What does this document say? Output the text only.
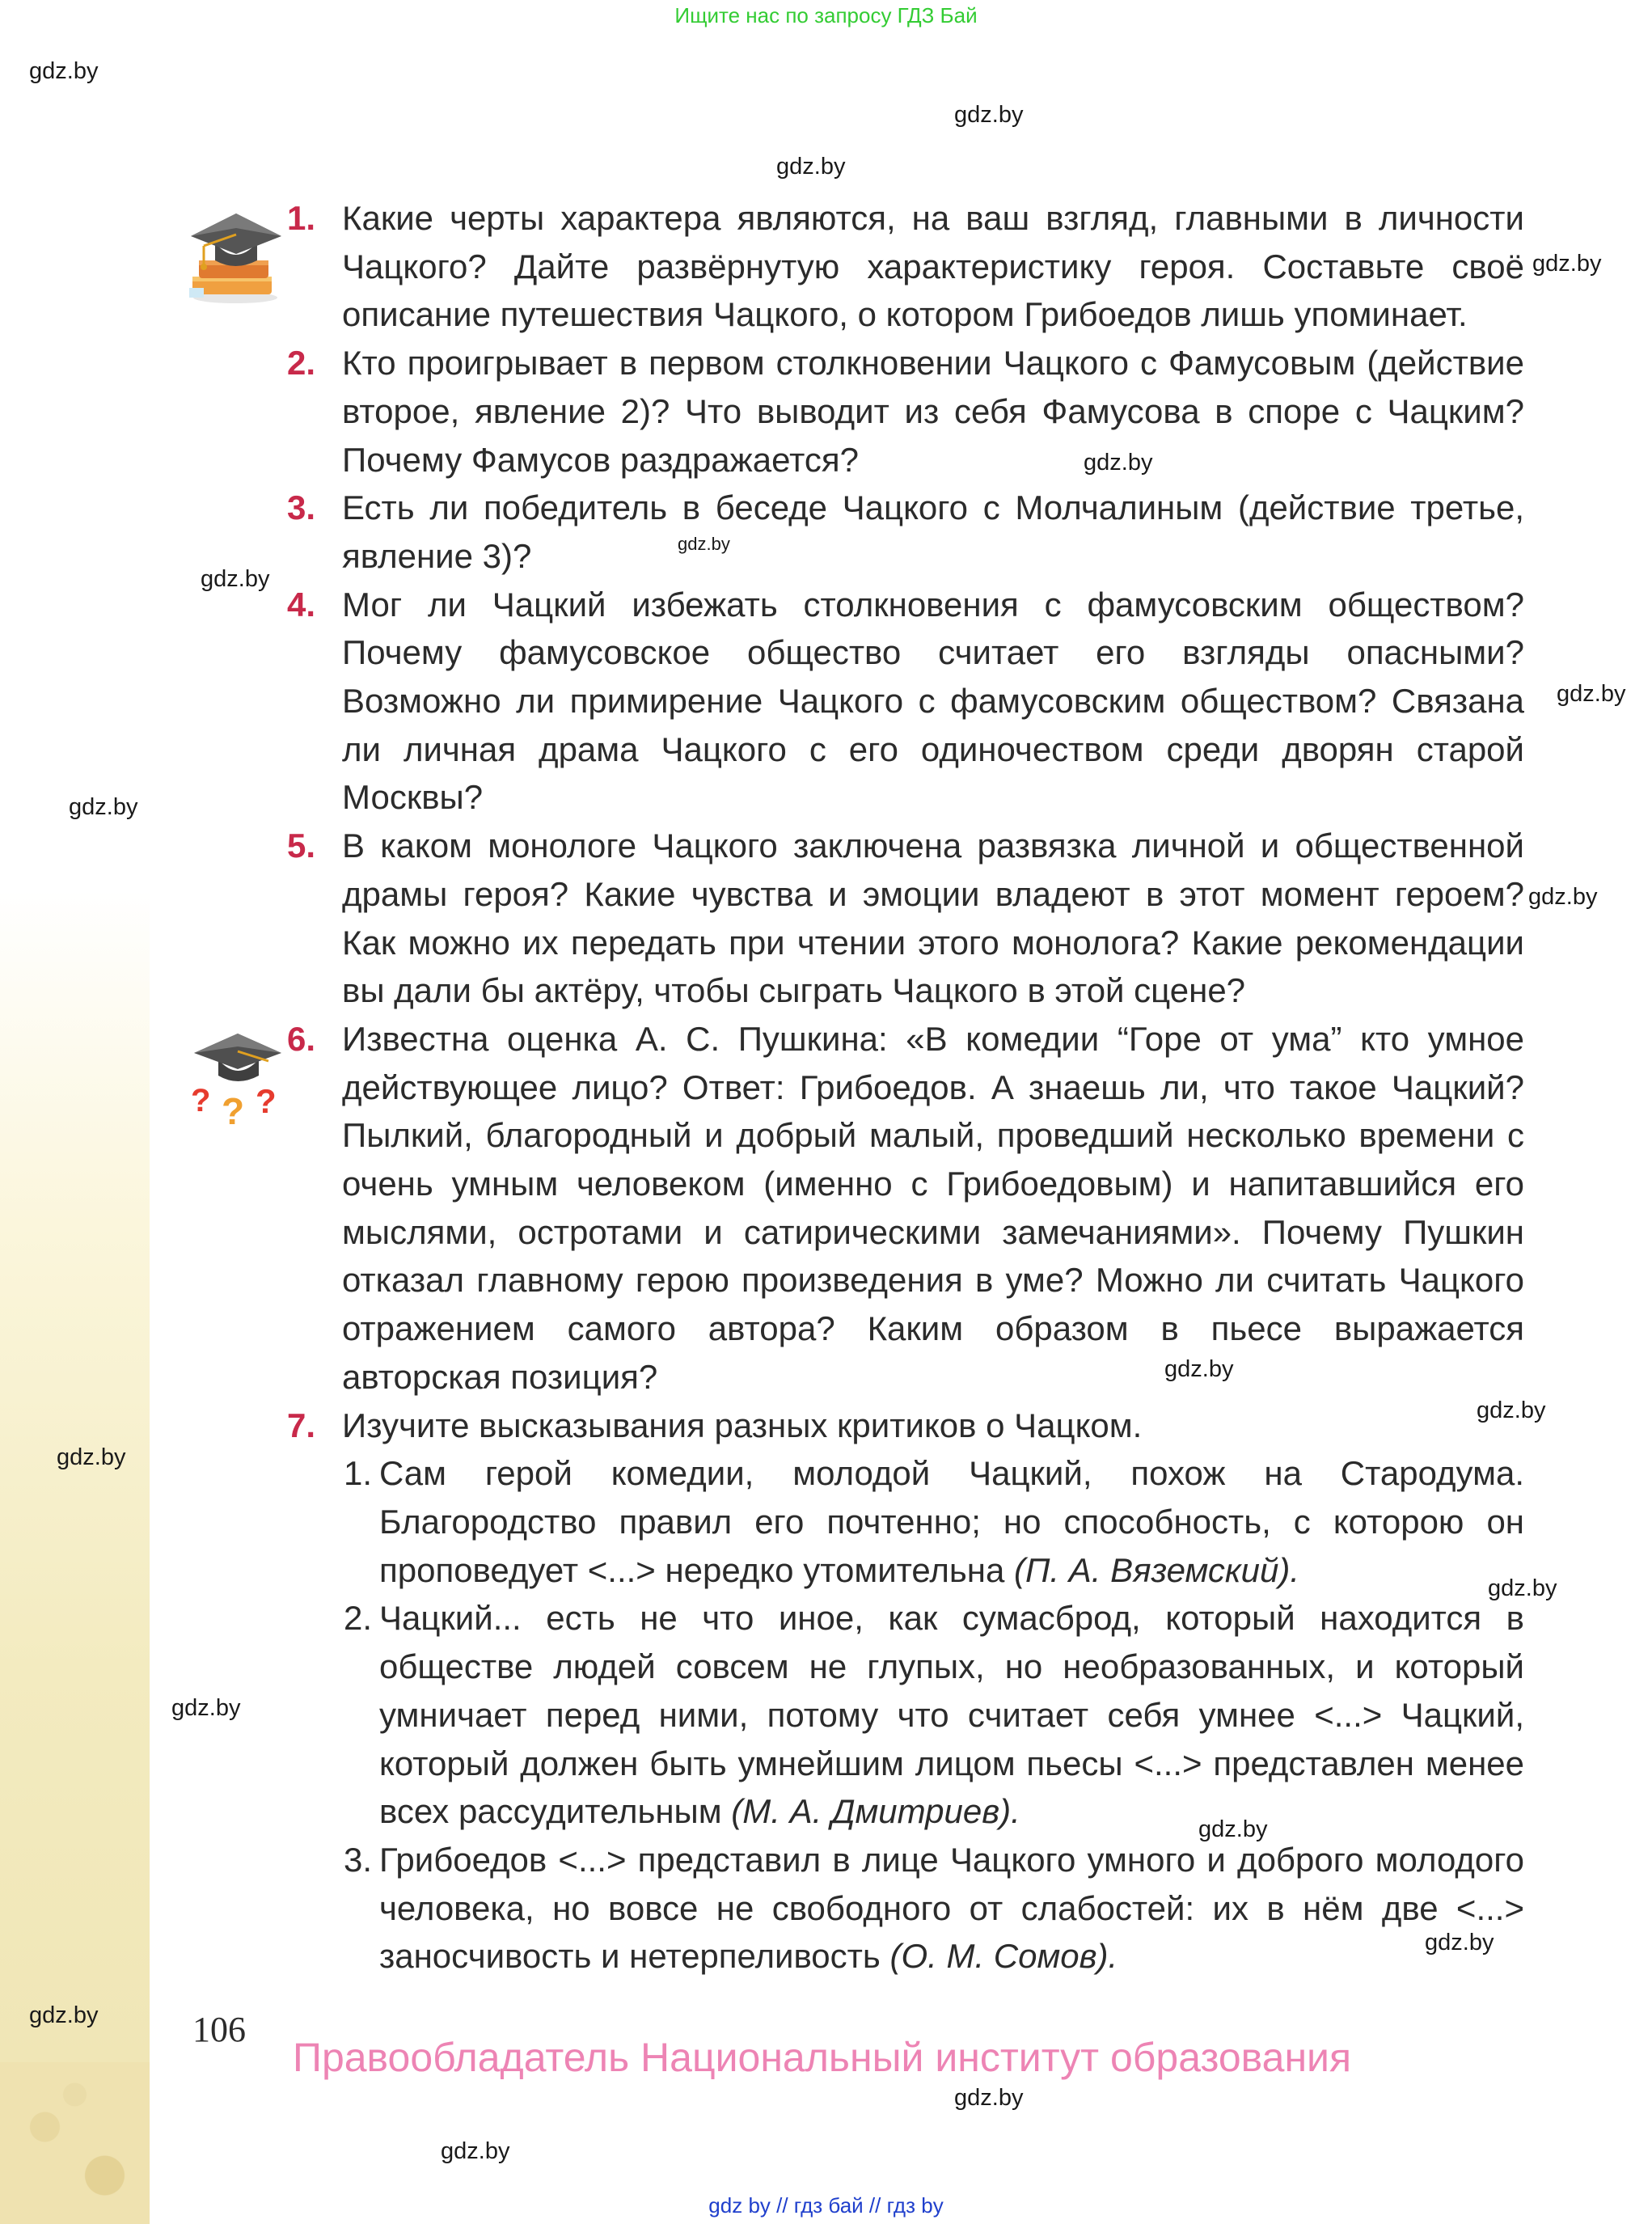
Ищите нас по запросу ГДЗ Бай
gdz.by
gdz.by
gdz.by
gdz.by
gdz.by
gdz.by
gdz.by
gdz.by
gdz.by
gdz.by
gdz.by
gdz.by
gdz.by
gdz.by
gdz.by
gdz.by
gdz.by
gdz.by
gdz.by
gdz.by
? ? ?
1. Какие черты характера являются, на ваш взгляд, главными в личности Чацкого? Дайте развёрнутую характеристику героя. Составьте своё описание путешествия Чацкого, о котором Грибоедов лишь упоминает.
2. Кто проигрывает в первом столкновении Чацкого с Фамусовым (действие второе, явление 2)? Что выводит из себя Фамусова в споре с Чацким? Почему Фамусов раздражается?
3. Есть ли победитель в беседе Чацкого с Молчалиным (действие третье, явление 3)?
4. Мог ли Чацкий избежать столкновения с фамусовским обществом? Почему фамусовское общество считает его взгляды опасными? Возможно ли примирение Чацкого с фамусовским обществом? Связана ли личная драма Чацкого с его одиночеством среди дворян старой Москвы?
5. В каком монологе Чацкого заключена развязка личной и общественной драмы героя? Какие чувства и эмоции владеют в этот момент героем? Как можно их передать при чтении этого монолога? Какие рекомендации вы дали бы актёру, чтобы сыграть Чацкого в этой сцене?
6. Известна оценка А. С. Пушкина: «В комедии “Горе от ума” кто умное действующее лицо? Ответ: Грибоедов. А знаешь ли, что такое Чацкий? Пылкий, благородный и добрый малый, проведший несколько времени с очень умным человеком (именно с Грибоедовым) и напитавшийся его мыслями, остротами и сатирическими замечаниями». Почему Пушкин отказал главному герою произведения в уме? Можно ли считать Чацкого отражением самого автора? Каким образом в пьесе выражается авторская позиция?
7. Изучите высказывания разных критиков о Чацком.
1. Сам герой комедии, молодой Чацкий, похож на Стародума. Благородство правил его почтенно; но способность, с которою он проповедует <...> нередко утомительна (П. А. Вяземский).
2. Чацкий... есть не что иное, как сумасброд, который находится в обществе людей совсем не глупых, но необразованных, и который умничает перед ними, потому что считает себя умнее <...> Чацкий, который должен быть умнейшим лицом пьесы <...> представлен менее всех рассудительным (М. А. Дмитриев).
3. Грибоедов <...> представил в лице Чацкого умного и доброго молодого человека, но вовсе не свободного от слабостей: их в нём две <...> заносчивость и нетерпеливость (О. М. Сомов).
106
Правообладатель Национальный институт образования
gdz by // гдз бай // гдз by
